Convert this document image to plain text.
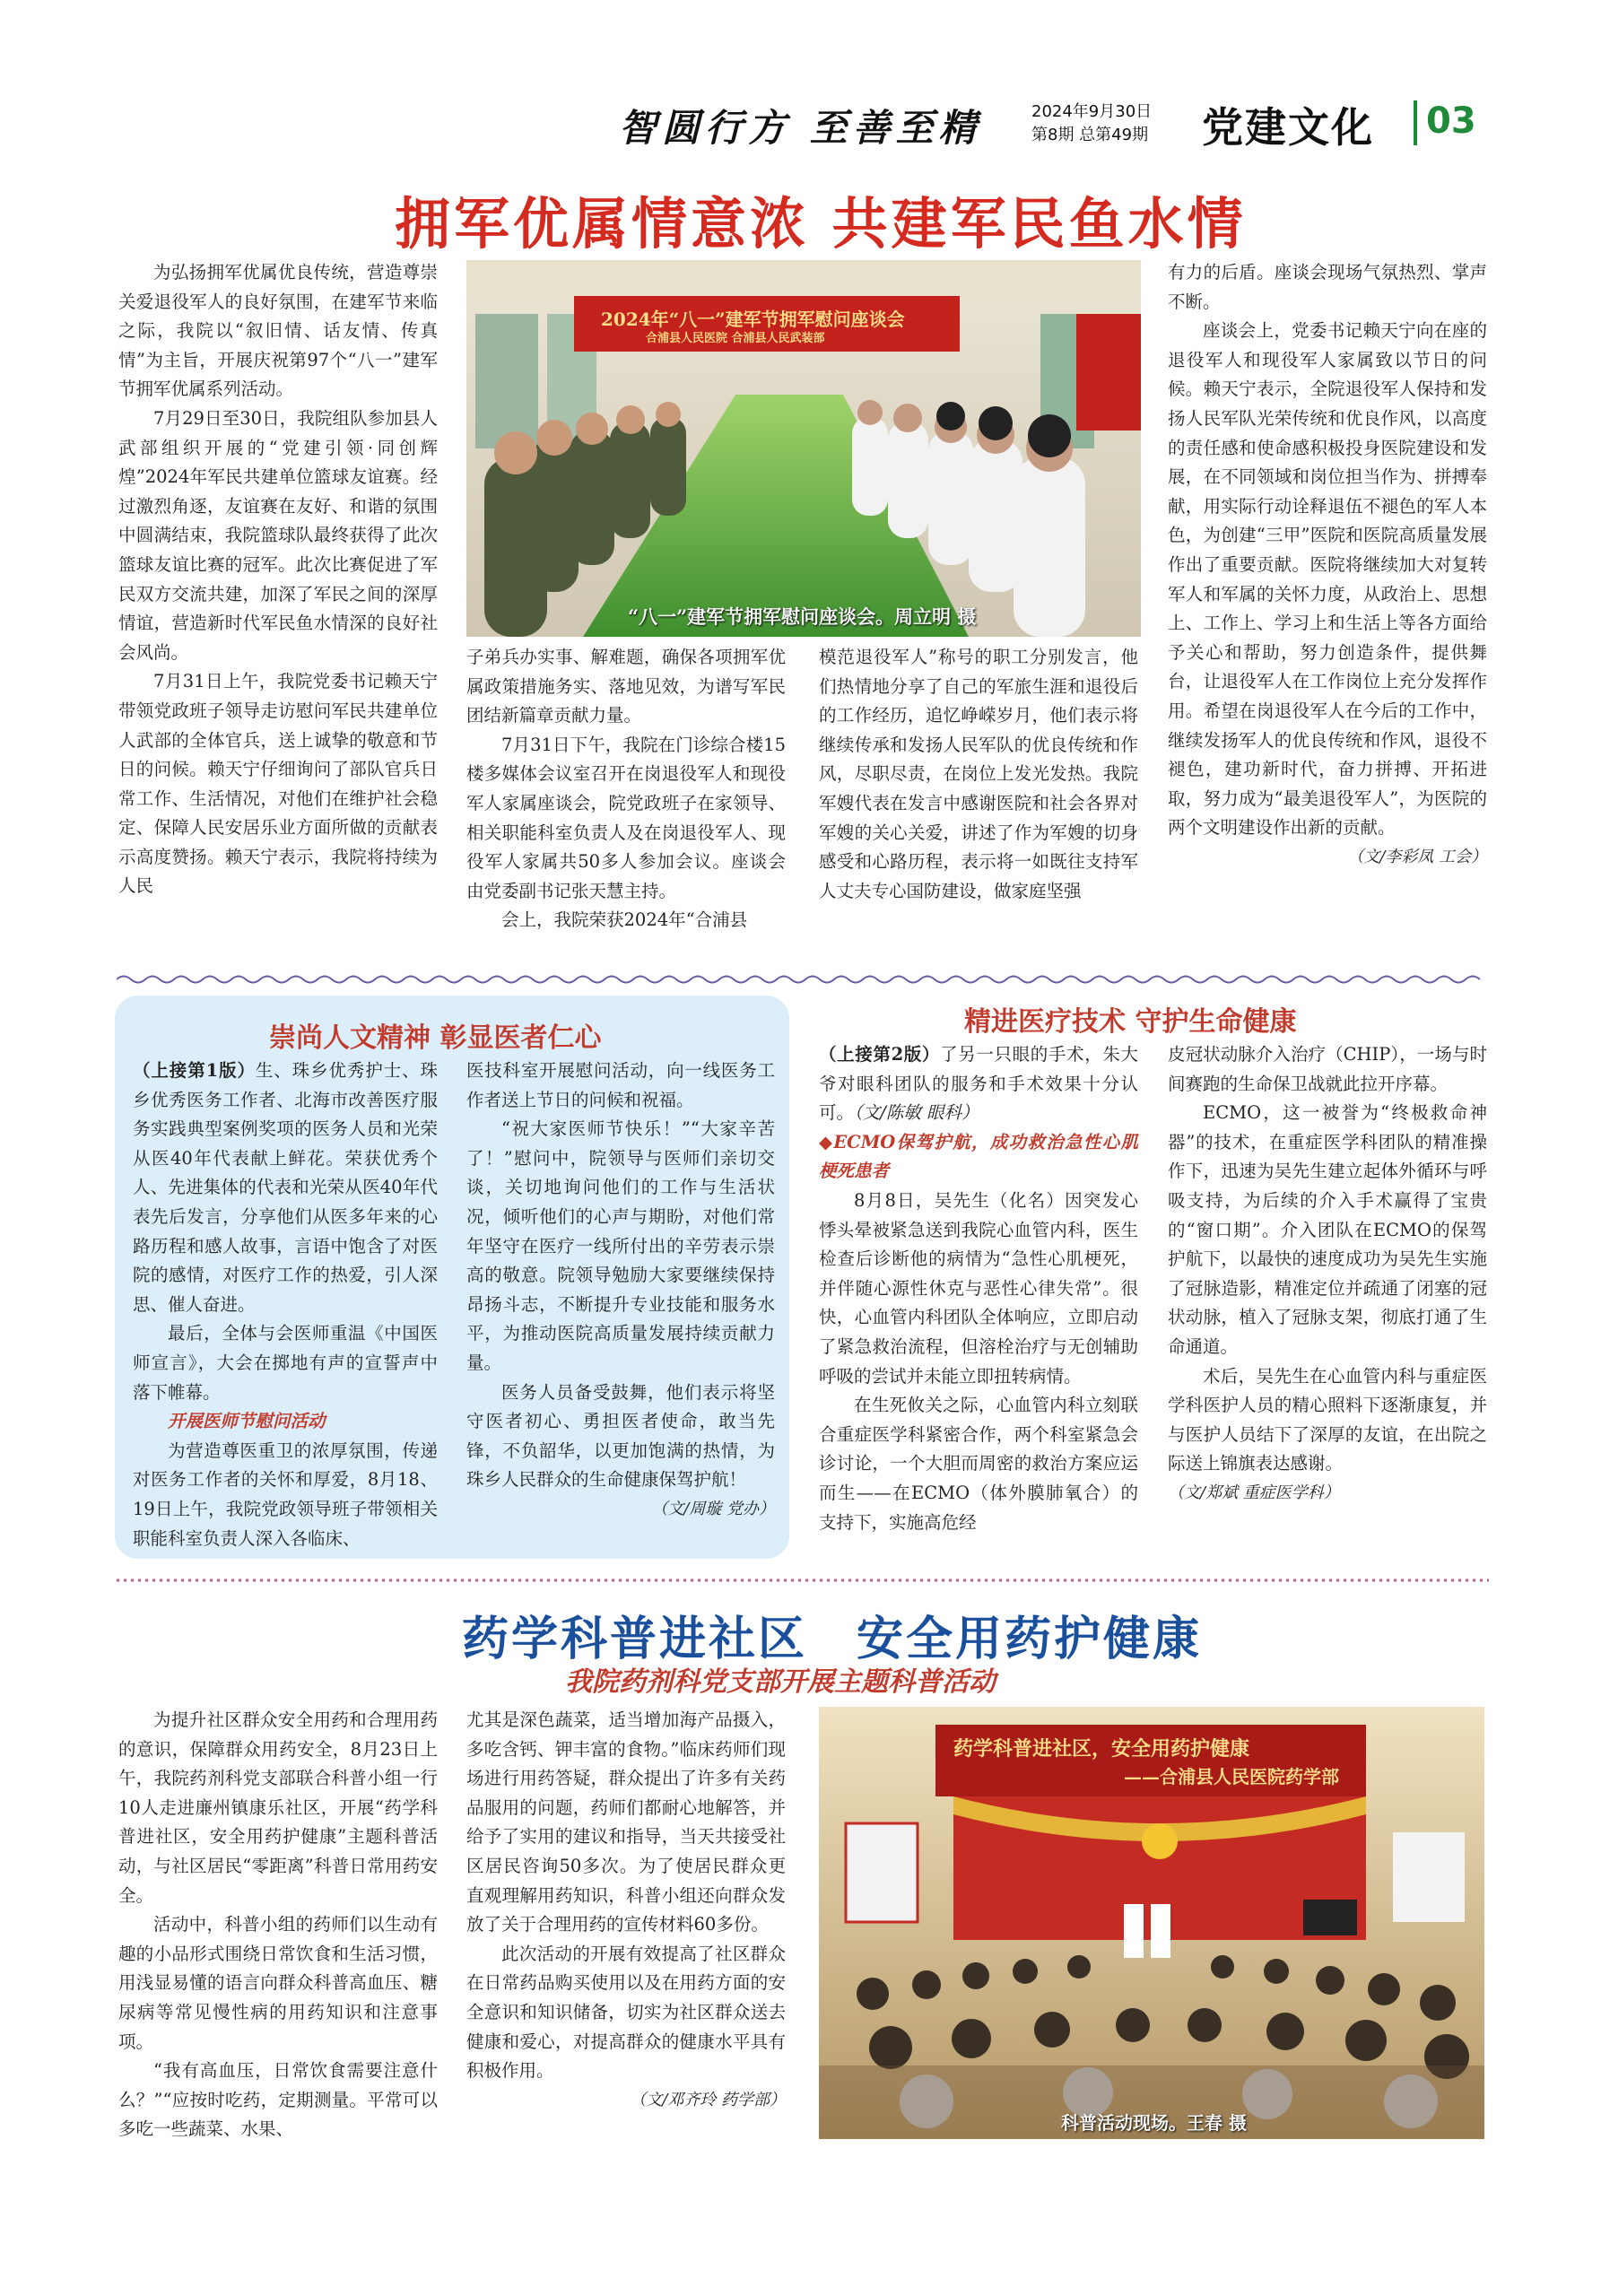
智圆行方 至善至精	2024年9月30日
第8期 总第49期 党建文化 03
拥军优属情意浓 共建军民鱼水情
2024年“八一”建军节拥军慰问座谈会
合浦县人民医院 合浦县人民武装部
“八一”建军节拥军慰问座谈会。周立明 摄

为弘扬拥军优属优良传统，营造尊崇关爱退役军人的良好氛围，在建军节来临之际，我院以“叙旧情、话友情、传真情”为主旨，开展庆祝第97个“八一”建军节拥军优属系列活动。

7月29日至30日，我院组队参加县人武部组织开展的“党建引领·同创辉煌”2024年军民共建单位篮球友谊赛。经过激烈角逐，友谊赛在友好、和谐的氛围中圆满结束，我院篮球队最终获得了此次篮球友谊比赛的冠军。此次比赛促进了军民双方交流共建，加深了军民之间的深厚情谊，营造新时代军民鱼水情深的良好社会风尚。

7月31日上午，我院党委书记赖天宁带领党政班子领导走访慰问军民共建单位人武部的全体官兵，送上诚挚的敬意和节日的问候。赖天宁仔细询问了部队官兵日常工作、生活情况，对他们在维护社会稳定、保障人民安居乐业方面所做的贡献表示高度赞扬。赖天宁表示，我院将持续为人民

子弟兵办实事、解难题，确保各项拥军优属政策措施务实、落地见效，为谱写军民团结新篇章贡献力量。

7月31日下午，我院在门诊综合楼15楼多媒体会议室召开在岗退役军人和现役军人家属座谈会，院党政班子在家领导、相关职能科室负责人及在岗退役军人、现役军人家属共50多人参加会议。座谈会由党委副书记张天慧主持。

会上，我院荣获2024年“合浦县

模范退役军人”称号的职工分别发言，他们热情地分享了自己的军旅生涯和退役后的工作经历，追忆峥嵘岁月，他们表示将继续传承和发扬人民军队的优良传统和作风，尽职尽责，在岗位上发光发热。我院军嫂代表在发言中感谢医院和社会各界对军嫂的关心关爱，讲述了作为军嫂的切身感受和心路历程，表示将一如既往支持军人丈夫专心国防建设，做家庭坚强

有力的后盾。座谈会现场气氛热烈、掌声不断。

座谈会上，党委书记赖天宁向在座的退役军人和现役军人家属致以节日的问候。赖天宁表示，全院退役军人保持和发扬人民军队光荣传统和优良作风，以高度的责任感和使命感积极投身医院建设和发展，在不同领域和岗位担当作为、拼搏奉献，用实际行动诠释退伍不褪色的军人本色，为创建“三甲”医院和医院高质量发展作出了重要贡献。医院将继续加大对复转军人和军属的关怀力度，从政治上、思想上、工作上、学习上和生活上等各方面给予关心和帮助，努力创造条件，提供舞台，让退役军人在工作岗位上充分发挥作用。希望在岗退役军人在今后的工作中，继续发扬军人的优良传统和作风，退役不褪色，建功新时代，奋力拼搏、开拓进取，努力成为“最美退役军人”，为医院的两个文明建设作出新的贡献。

（文/李彩凤 工会）

崇尚人文精神 彰显医者仁心

（上接第1版）生、珠乡优秀护士、珠乡优秀医务工作者、北海市改善医疗服务实践典型案例奖项的医务人员和光荣从医40年代表献上鲜花。荣获优秀个人、先进集体的代表和光荣从医40年代表先后发言，分享他们从医多年来的心路历程和感人故事，言语中饱含了对医院的感情，对医疗工作的热爱，引人深思、催人奋进。

最后，全体与会医师重温《中国医师宣言》，大会在掷地有声的宣誓声中落下帷幕。

开展医师节慰问活动

为营造尊医重卫的浓厚氛围，传递对医务工作者的关怀和厚爱，8月18、19日上午，我院党政领导班子带领相关职能科室负责人深入各临床、

医技科室开展慰问活动，向一线医务工作者送上节日的问候和祝福。

“祝大家医师节快乐！”“大家辛苦了！”慰问中，院领导与医师们亲切交谈，关切地询问他们的工作与生活状况，倾听他们的心声与期盼，对他们常年坚守在医疗一线所付出的辛劳表示崇高的敬意。院领导勉励大家要继续保持昂扬斗志，不断提升专业技能和服务水平，为推动医院高质量发展持续贡献力量。

医务人员备受鼓舞，他们表示将坚守医者初心、勇担医者使命，敢当先锋，不负韶华，以更加饱满的热情，为珠乡人民群众的生命健康保驾护航！

（文/周璇 党办）

精进医疗技术 守护生命健康

（上接第2版）了另一只眼的手术，朱大爷对眼科团队的服务和手术效果十分认可。（文/陈敏 眼科）

◆ECMO保驾护航，成功救治急性心肌梗死患者

8月8日，吴先生（化名）因突发心悸头晕被紧急送到我院心血管内科，医生检查后诊断他的病情为“急性心肌梗死，并伴随心源性休克与恶性心律失常”。很快，心血管内科团队全体响应，立即启动了紧急救治流程，但溶栓治疗与无创辅助呼吸的尝试并未能立即扭转病情。

在生死攸关之际，心血管内科立刻联合重症医学科紧密合作，两个科室紧急会诊讨论，一个大胆而周密的救治方案应运而生——在ECMO（体外膜肺氧合）的支持下，实施高危经

皮冠状动脉介入治疗（CHIP），一场与时间赛跑的生命保卫战就此拉开序幕。

ECMO，这一被誉为“终极救命神器”的技术，在重症医学科团队的精准操作下，迅速为吴先生建立起体外循环与呼吸支持，为后续的介入手术赢得了宝贵的“窗口期”。介入团队在ECMO的保驾护航下，以最快的速度成功为吴先生实施了冠脉造影，精准定位并疏通了闭塞的冠状动脉，植入了冠脉支架，彻底打通了生命通道。

术后，吴先生在心血管内科与重症医学科医护人员的精心照料下逐渐康复，并与医护人员结下了深厚的友谊，在出院之际送上锦旗表达感谢。

（文/郑斌 重症医学科）

药学科普进社区　安全用药护健康
我院药剂科党支部开展主题科普活动

为提升社区群众安全用药和合理用药的意识，保障群众用药安全，8月23日上午，我院药剂科党支部联合科普小组一行10人走进廉州镇康乐社区，开展“药学科普进社区，安全用药护健康”主题科普活动，与社区居民“零距离”科普日常用药安全。

活动中，科普小组的药师们以生动有趣的小品形式围绕日常饮食和生活习惯，用浅显易懂的语言向群众科普高血压、糖尿病等常见慢性病的用药知识和注意事项。

“我有高血压，日常饮食需要注意什么？”“应按时吃药，定期测量。平常可以多吃一些蔬菜、水果、

尤其是深色蔬菜，适当增加海产品摄入，多吃含钙、钾丰富的食物。”临床药师们现场进行用药答疑，群众提出了许多有关药品服用的问题，药师们都耐心地解答，并给予了实用的建议和指导，当天共接受社区居民咨询50多次。为了使居民群众更直观理解用药知识，科普小组还向群众发放了关于合理用药的宣传材料60多份。

此次活动的开展有效提高了社区群众在日常药品购买使用以及在用药方面的安全意识和知识储备，切实为社区群众送去健康和爱心，对提高群众的健康水平具有积极作用。

（文/邓齐玲 药学部）

药学科普进社区，安全用药护健康
——合浦县人民医院药学部
科普活动现场。王春 摄
